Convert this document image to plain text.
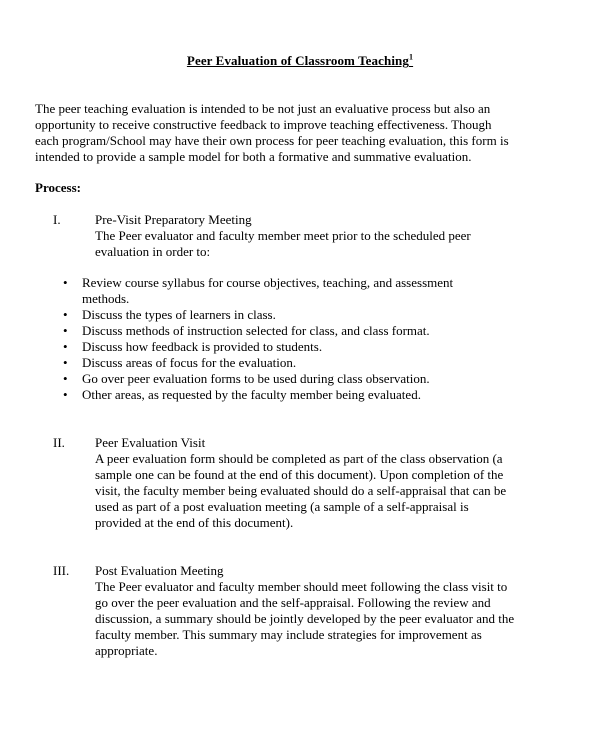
Peer Evaluation of Classroom Teaching$^1$
The peer teaching evaluation is intended to be not just an evaluative process but also an
opportunity to receive constructive feedback to improve teaching effectiveness. Though
each program/School may have their own process for peer teaching evaluation, this form is
intended to provide a sample model for both a formative and summative evaluation.
Process:
I.	Pre-Visit Preparatory Meeting
The Peer evaluator and faculty member meet prior to the scheduled peer
evaluation in order to:
• Review course syllabus for course objectives, teaching, and assessment
methods.
• Discuss the types of learners in class.
• Discuss methods of instruction selected for class, and class format.
• Discuss how feedback is provided to students.
• Discuss areas of focus for the evaluation.
• Go over peer evaluation forms to be used during class observation.
• Other areas, as requested by the faculty member being evaluated.
II. Peer Evaluation Visit
A peer evaluation form should be completed as part of the class observation (a
sample one can be found at the end of this document). Upon completion of the
visit, the faculty member being evaluated should do a self-appraisal that can be
used as part of a post evaluation meeting (a sample of a self-appraisal is
provided at the end of this document).
III. Post Evaluation Meeting
The Peer evaluator and faculty member should meet following the class visit to
go over the peer evaluation and the self-appraisal. Following the review and
discussion, a summary should be jointly developed by the peer evaluator and the
faculty member. This summary may include strategies for improvement as
appropriate.
